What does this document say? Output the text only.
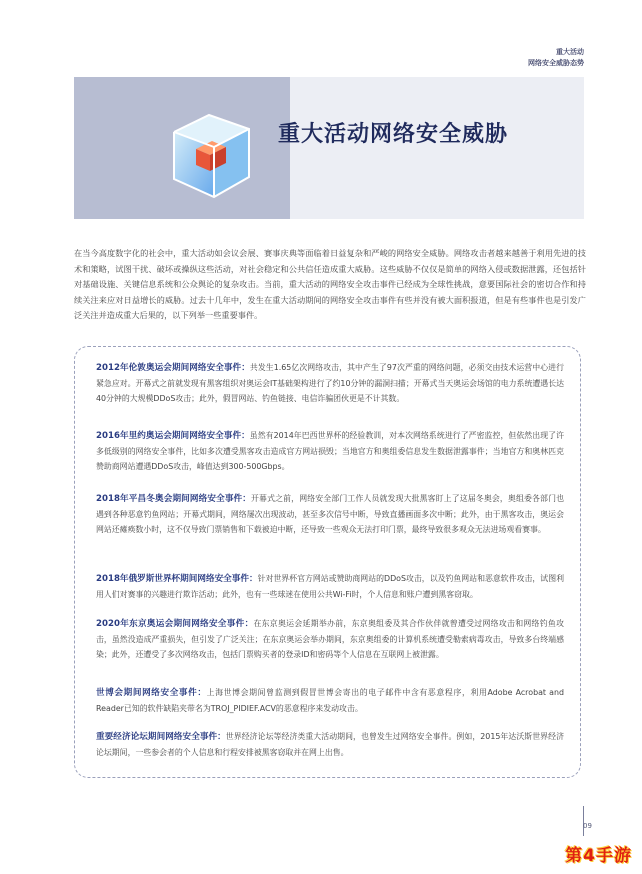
重大活动
网络安全威胁态势
重大活动网络安全威胁
在当今高度数字化的社会中，重大活动如会议会展、赛事庆典等面临着日益复杂和严峻的网络安全威胁。网络攻击者越来越善于利用先进的技术和策略，试图干扰、破坏或操纵这些活动，对社会稳定和公共信任造成重大威胁。这些威胁不仅仅是简单的网络入侵或数据泄露，还包括针对基础设施、关键信息系统和公众舆论的复杂攻击。当前，重大活动的网络安全攻击事件已经成为全球性挑战，意要国际社会的密切合作和持续关注来应对日益增长的威胁。过去十几年中，发生在重大活动期间的网络安全攻击事件有些并没有被大面积报道，但是有些事件也是引发广泛关注并造成重大后果的，以下列举一些重要事件。
2012年伦敦奥运会期间网络安全事件：共发生1.65亿次网络攻击，其中产生了97次严重的网络问题，必须交由技术运营中心进行紧急应对。开幕式之前就发现有黑客组织对奥运会IT基础架构进行了约10分钟的漏洞扫描；开幕式当天奥运会场馆的电力系统遭遇长达40分钟的大规模DDoS攻击；此外，假冒网站、钓鱼链接、电信诈骗团伙更是不计其数。
2016年里约奥运会期间网络安全事件：虽然有2014年巴西世界杯的经验教训，对本次网络系统进行了严密监控，但依然出现了许多低级别的网络安全事件，比如多次遭受黑客攻击造成官方网站损毁；当地官方和奥组委信息发生数据泄露事件；当地官方和奥林匹克赞助商网站遭遇DDoS攻击，峰值达到300-500Gbps。
2018年平昌冬奥会期间网络安全事件：开幕式之前，网络安全部门工作人员就发现大批黑客盯上了这届冬奥会，奥组委各部门也遇到各种恶意钓鱼网站；开幕式期间，网络屡次出现波动，甚至多次信号中断，导致直播画面多次中断；此外，由于黑客攻击，奥运会网站还瘫痪数小时，这不仅导致门票销售和下载被迫中断，还导致一些观众无法打印门票，最终导致很多观众无法进场观看赛事。
2018年俄罗斯世界杯期间网络安全事件：针对世界杯官方网站或赞助商网站的DDoS攻击，以及钓鱼网站和恶意软件攻击，试图利用人们对赛事的兴趣进行欺诈活动；此外，也有一些球迷在使用公共Wi-Fi时，个人信息和账户遭到黑客窃取。
2020年东京奥运会期间网络安全事件：在东京奥运会延期举办前，东京奥组委及其合作伙伴就曾遭受过网络攻击和网络钓鱼攻击，虽然没造成严重损失，但引发了广泛关注；在东京奥运会举办期间，东京奥组委的计算机系统遭受勒索病毒攻击，导致多台终端感染；此外，还遭受了多次网络攻击，包括门票购买者的登录ID和密码等个人信息在互联网上被泄露。
世博会期间网络安全事件：上海世博会期间曾监测到假冒世博会寄出的电子邮件中含有恶意程序，利用Adobe Acrobat and Reader已知的软件缺陷夹带名为TROJ_PIDIEF.ACV的恶意程序来发动攻击。
重要经济论坛期间网络安全事件：世界经济论坛等经济类重大活动期间，也曾发生过网络安全事件。例如，2015年达沃斯世界经济论坛期间，一些参会者的个人信息和行程安排被黑客窃取并在网上出售。
09
第4手游
